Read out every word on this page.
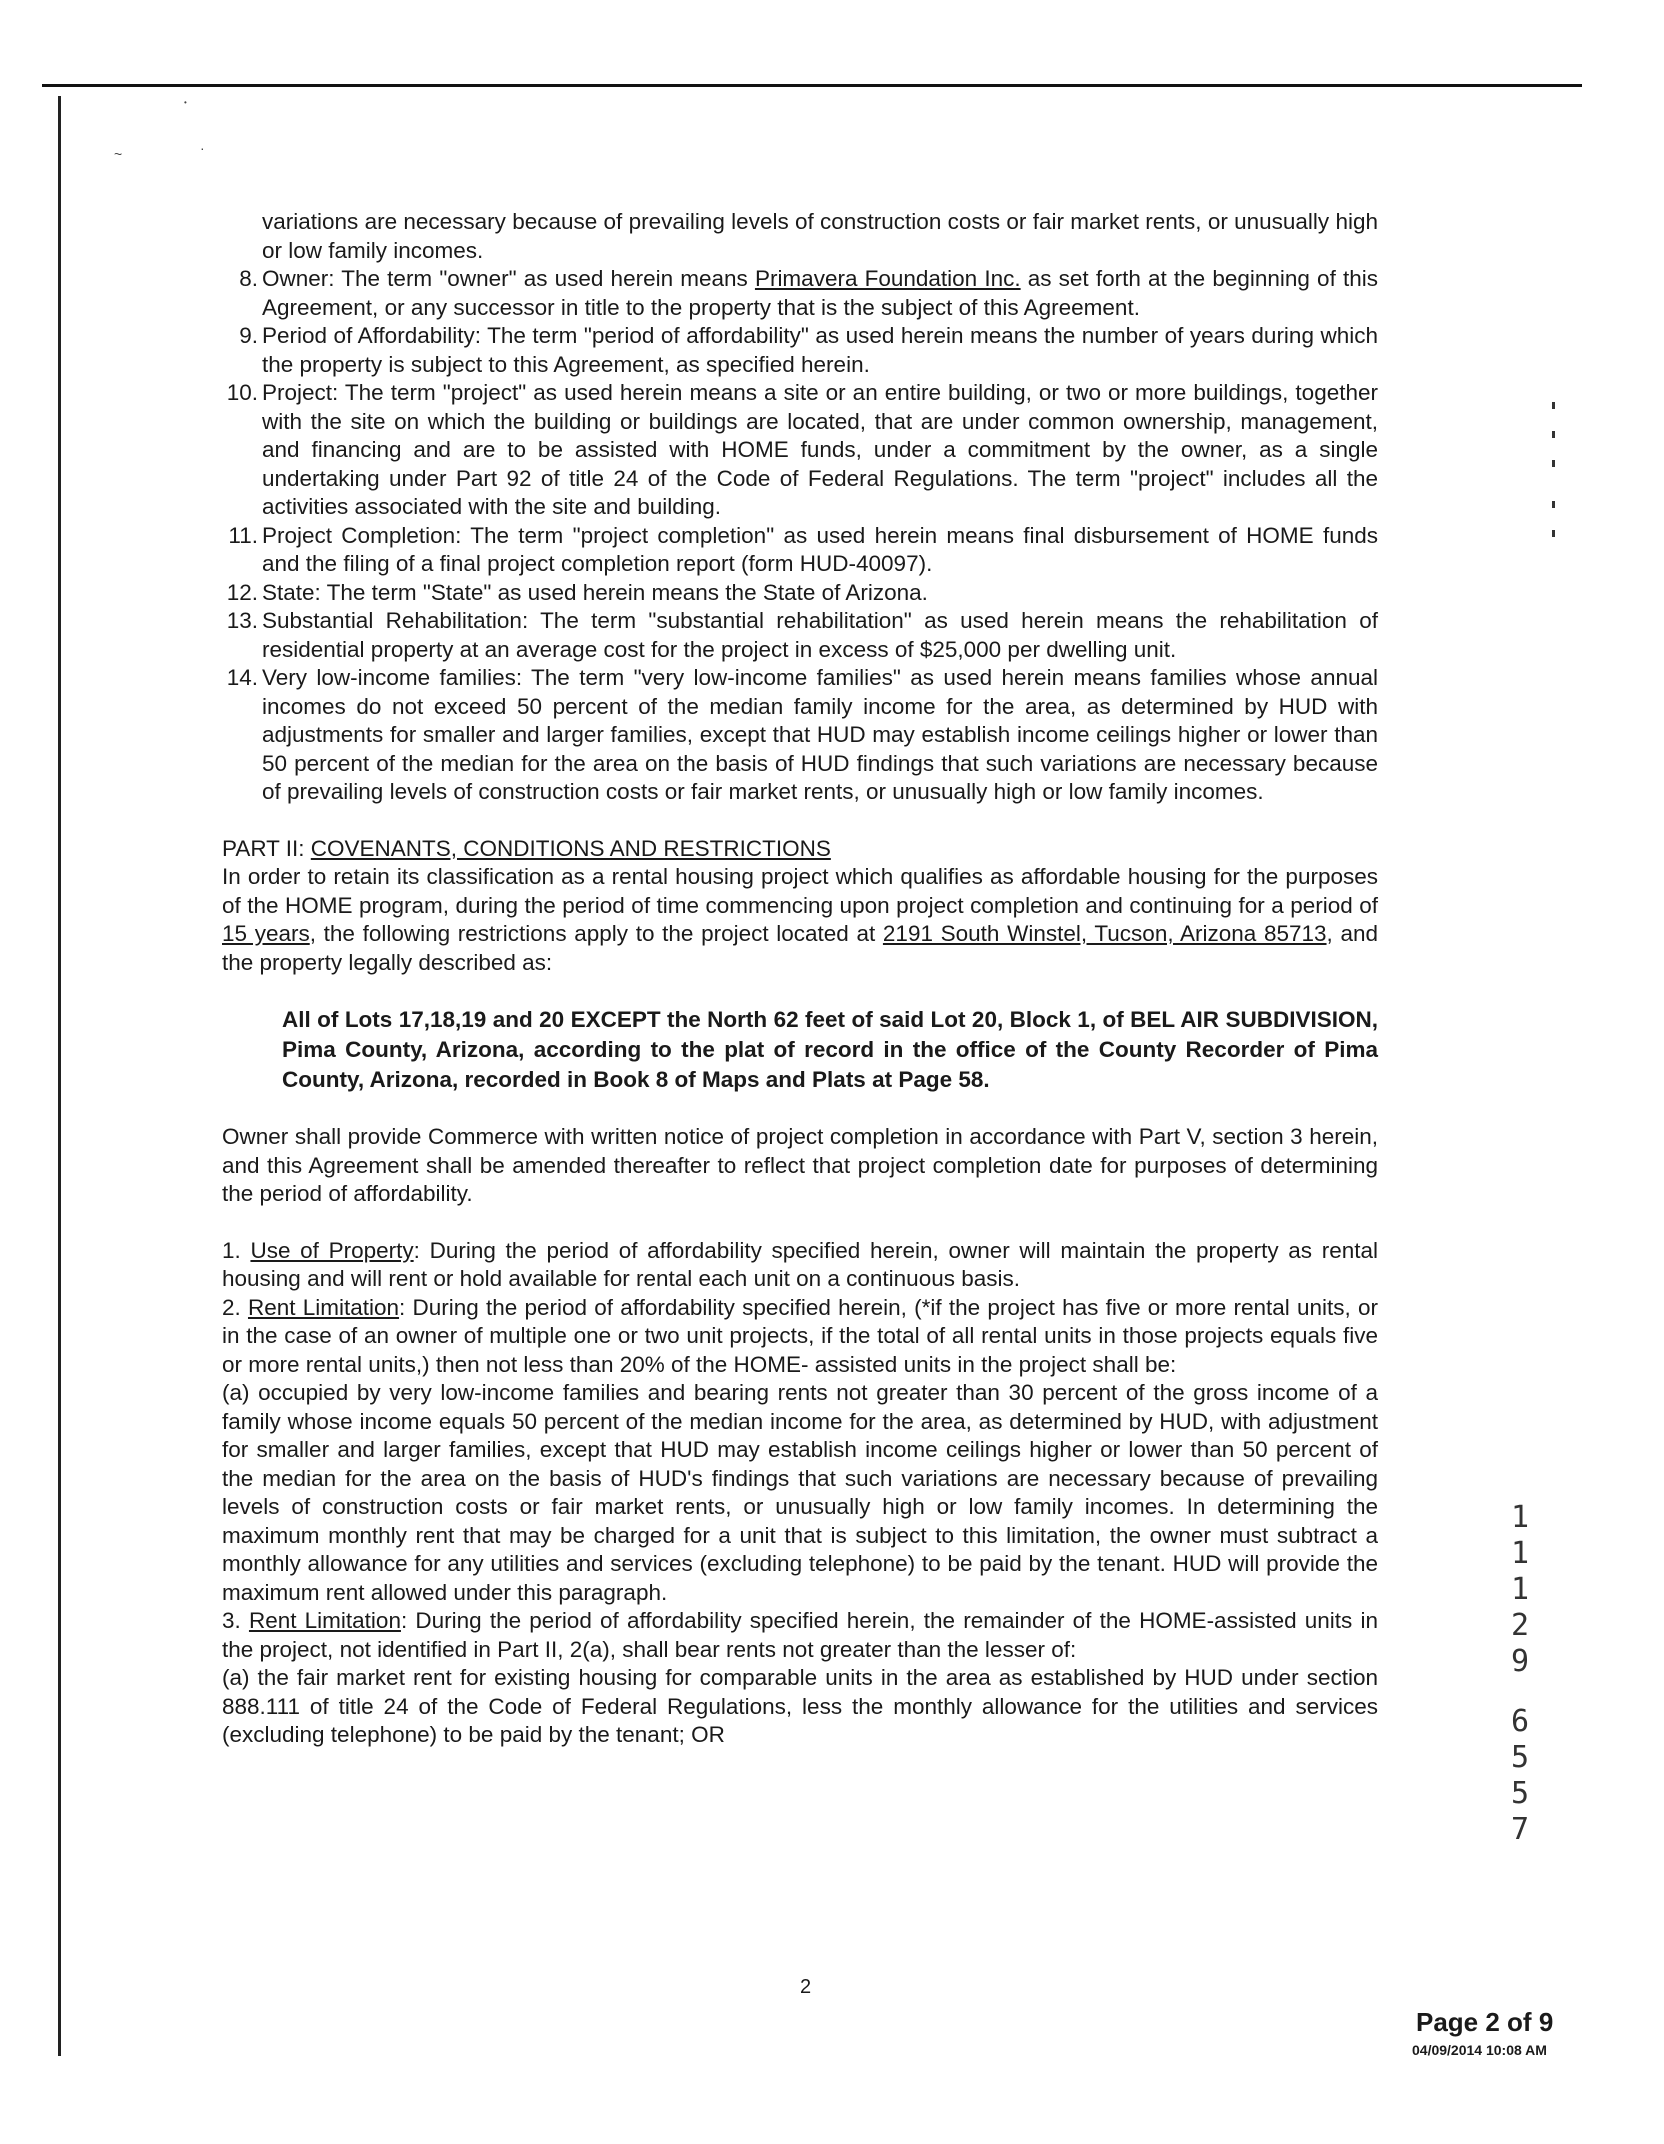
~	·
•

variations are necessary because of prevailing levels of construction costs or fair market rents, or unusually high or low family incomes.

8. Owner: The term "owner" as used herein means Primavera Foundation Inc. as set forth at the beginning of this Agreement, or any successor in title to the property that is the subject of this Agreement.
9. Period of Affordability: The term "period of affordability" as used herein means the number of years during which the property is subject to this Agreement, as specified herein.
10. Project: The term "project" as used herein means a site or an entire building, or two or more buildings, together with the site on which the building or buildings are located, that are under common ownership, management, and financing and are to be assisted with HOME funds, under a commitment by the owner, as a single undertaking under Part 92 of title 24 of the Code of Federal Regulations. The term "project" includes all the activities associated with the site and building.
11. Project Completion: The term "project completion" as used herein means final disbursement of HOME funds and the filing of a final project completion report (form HUD-40097).
12. State: The term "State" as used herein means the State of Arizona.
13. Substantial Rehabilitation: The term "substantial rehabilitation" as used herein means the rehabilitation of residential property at an average cost for the project in excess of $25,000 per dwelling unit.
14. Very low-income families: The term "very low-income families" as used herein means families whose annual incomes do not exceed 50 percent of the median family income for the area, as determined by HUD with adjustments for smaller and larger families, except that HUD may establish income ceilings higher or lower than 50 percent of the median for the area on the basis of HUD findings that such variations are necessary because of prevailing levels of construction costs or fair market rents, or unusually high or low family incomes.

PART II: COVENANTS, CONDITIONS AND RESTRICTIONS

In order to retain its classification as a rental housing project which qualifies as affordable housing for the purposes of the HOME program, during the period of time commencing upon project completion and continuing for a period of 15 years, the following restrictions apply to the project located at 2191 South Winstel, Tucson, Arizona 85713, and the property legally described as:

All of Lots 17,18,19 and 20 EXCEPT the North 62 feet of said Lot 20, Block 1, of BEL AIR SUBDIVISION, Pima County, Arizona, according to the plat of record in the office of the County Recorder of Pima County, Arizona, recorded in Book 8 of Maps and Plats at Page 58.

Owner shall provide Commerce with written notice of project completion in accordance with Part V, section 3 herein, and this Agreement shall be amended thereafter to reflect that project completion date for purposes of determining the period of affordability.

1. Use of Property: During the period of affordability specified herein, owner will maintain the property as rental housing and will rent or hold available for rental each unit on a continuous basis.

2. Rent Limitation: During the period of affordability specified herein, (*if the project has five or more rental units, or in the case of an owner of multiple one or two unit projects, if the total of all rental units in those projects equals five or more rental units,) then not less than 20% of the HOME- assisted units in the project shall be:

(a) occupied by very low-income families and bearing rents not greater than 30 percent of the gross income of a family whose income equals 50 percent of the median income for the area, as determined by HUD, with adjustment for smaller and larger families, except that HUD may establish income ceilings higher or lower than 50 percent of the median for the area on the basis of HUD's findings that such variations are necessary because of prevailing levels of construction costs or fair market rents, or unusually high or low family incomes. In determining the maximum monthly rent that may be charged for a unit that is subject to this limitation, the owner must subtract a monthly allowance for any utilities and services (excluding telephone) to be paid by the tenant. HUD will provide the maximum rent allowed under this paragraph.

3. Rent Limitation: During the period of affordability specified herein, the remainder of the HOME-assisted units in the project, not identified in Part II, 2(a), shall bear rents not greater than the lesser of:

(a) the fair market rent for existing housing for comparable units in the area as established by HUD under section 888.111 of title 24 of the Code of Federal Regulations, less the monthly allowance for the utilities and services (excluding telephone) to be paid by the tenant; OR

1
1
1
2
9
6
5
5
7
2
Page 2 of 9
04/09/2014 10:08 AM
